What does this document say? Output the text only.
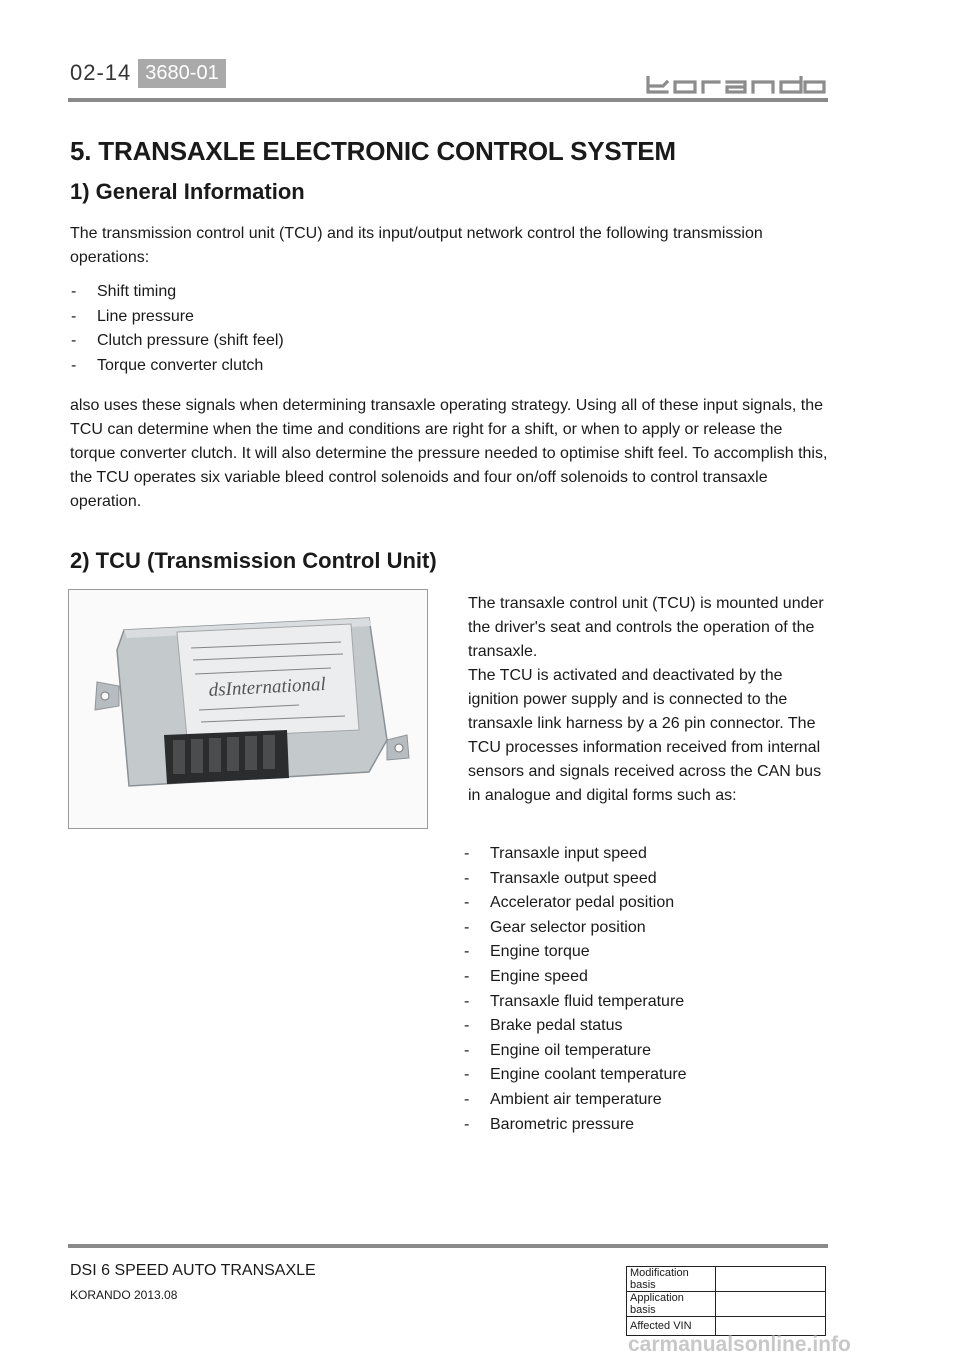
02-14 3680-01
5. TRANSAXLE ELECTRONIC CONTROL SYSTEM
1) General Information
The transmission control unit (TCU) and its input/output network control the following transmission operations:
- Shift timing
- Line pressure
- Clutch pressure (shift feel)
- Torque converter clutch
also uses these signals when determining transaxle operating strategy. Using all of these input signals, the TCU can determine when the time and conditions are right for a shift, or when to apply or release the torque converter clutch. It will also determine the pressure needed to optimise shift feel. To accomplish this, the TCU operates six variable bleed control solenoids and four on/off solenoids to control transaxle operation.
2) TCU (Transmission Control Unit)
dsInternational
The transaxle control unit (TCU) is mounted under the driver's seat and controls the operation of the transaxle.
The TCU is activated and deactivated by the ignition power supply and is connected to the transaxle link harness by a 26 pin connector. The TCU processes information received from internal sensors and signals received across the CAN bus in analogue and digital forms such as:
- Transaxle input speed
- Transaxle output speed
- Accelerator pedal position
- Gear selector position
- Engine torque
- Engine speed
- Transaxle fluid temperature
- Brake pedal status
- Engine oil temperature
- Engine coolant temperature
- Ambient air temperature
- Barometric pressure
DSI 6 SPEED AUTO TRANSAXLE
KORANDO 2013.08
Modification basis	
Application basis	
Affected VIN	
carmanualsonline.info
